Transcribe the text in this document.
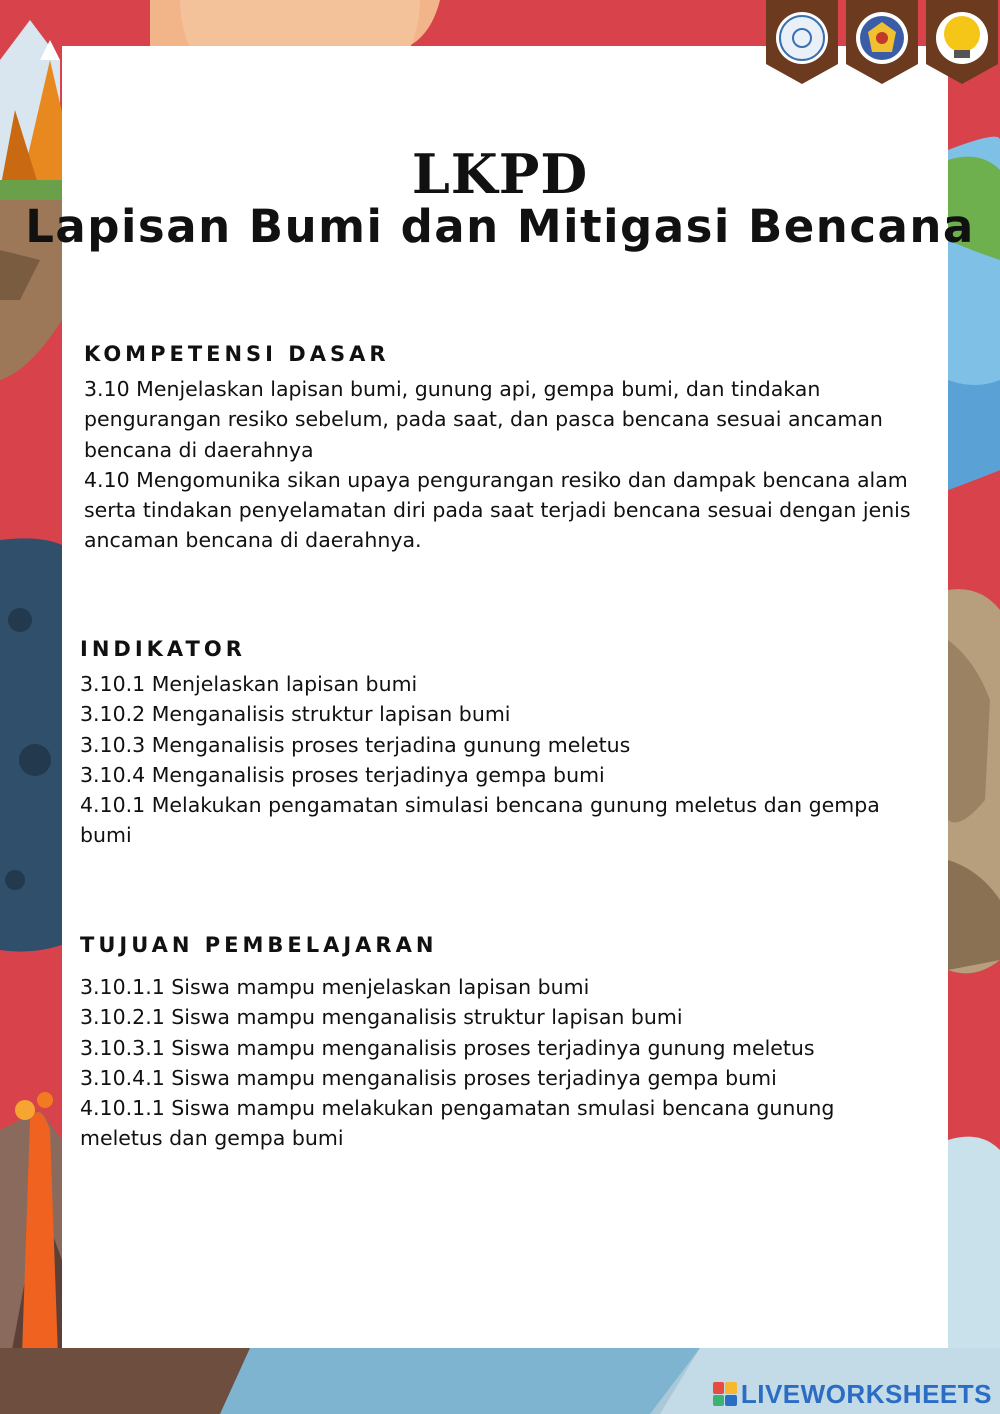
LKPD
Lapisan Bumi dan Mitigasi Bencana
KOMPETENSI DASAR

3.10 Menjelaskan lapisan bumi, gunung api, gempa bumi, dan tindakan pengurangan resiko sebelum, pada saat, dan pasca bencana sesuai ancaman bencana di daerahnya

4.10 Mengomunika sikan upaya pengurangan resiko dan dampak bencana alam serta tindakan penyelamatan diri pada saat terjadi bencana sesuai dengan jenis ancaman bencana di daerahnya.

INDIKATOR

3.10.1 Menjelaskan lapisan bumi

3.10.2 Menganalisis struktur lapisan bumi

3.10.3 Menganalisis proses terjadina gunung meletus

3.10.4 Menganalisis proses terjadinya gempa bumi

4.10.1 Melakukan pengamatan simulasi bencana gunung meletus dan gempa bumi

TUJUAN PEMBELAJARAN

3.10.1.1 Siswa mampu menjelaskan lapisan bumi

3.10.2.1 Siswa mampu menganalisis struktur lapisan bumi

3.10.3.1 Siswa mampu menganalisis proses terjadinya gunung meletus

3.10.4.1 Siswa mampu menganalisis proses terjadinya gempa bumi

4.10.1.1 Siswa mampu melakukan pengamatan smulasi bencana gunung meletus dan gempa bumi

LIVEWORKSHEETS
